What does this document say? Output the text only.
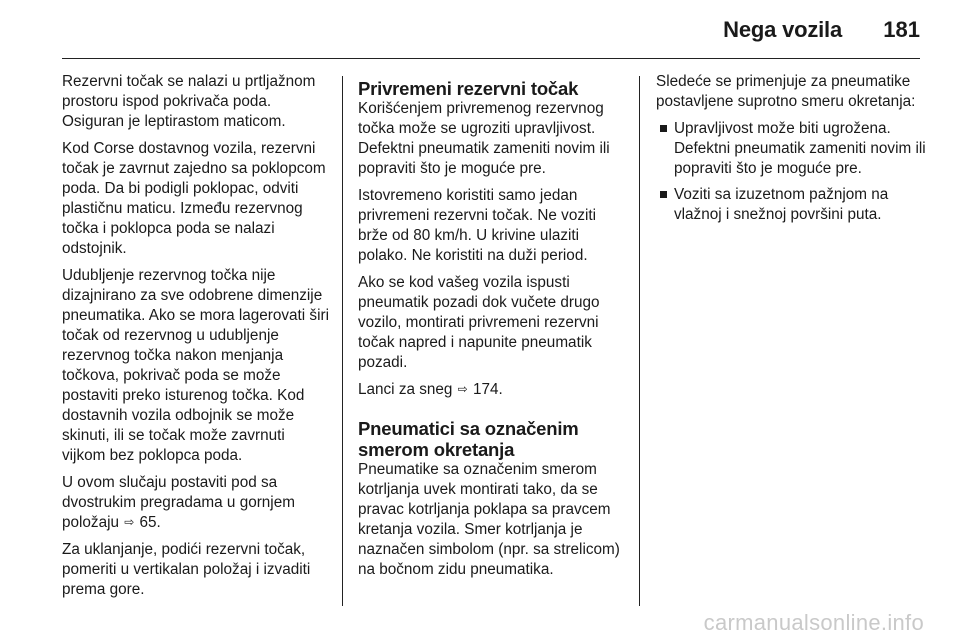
Nega vozila 181

Rezervni točak se nalazi u prtljažnom prostoru ispod pokrivača poda. Osiguran je leptirastom maticom.

Kod Corse dostavnog vozila, rezervni točak je zavrnut zajedno sa poklopcom poda. Da bi podigli poklopac, odviti plastičnu maticu. Između rezervnog točka i poklopca poda se nalazi odstojnik.

Udubljenje rezervnog točka nije dizajnirano za sve odobrene dimenzije pneumatika. Ako se mora lagerovati širi točak od rezervnog u udubljenje rezervnog točka nakon menjanja točkova, pokrivač poda se može postaviti preko isturenog točka. Kod dostavnih vozila odbojnik se može skinuti, ili se točak može zavrnuti vijkom bez poklopca poda.

U ovom slučaju postaviti pod sa dvostrukim pregradama u gornjem položaju ⇨ 65.

Za uklanjanje, podići rezervni točak, pomeriti u vertikalan položaj i izvaditi prema gore.

Privremeni rezervni točak

Korišćenjem privremenog rezervnog točka može se ugroziti upravljivost. Defektni pneumatik zameniti novim ili popraviti što je moguće pre.

Istovremeno koristiti samo jedan privremeni rezervni točak. Ne voziti brže od 80 km/h. U krivine ulaziti polako. Ne koristiti na duži period.

Ako se kod vašeg vozila ispusti pneumatik pozadi dok vučete drugo vozilo, montirati privremeni rezervni točak napred i napunite pneumatik pozadi.

Lanci za sneg ⇨ 174.

Pneumatici sa označenim
smerom okretanja

Pneumatike sa označenim smerom kotrljanja uvek montirati tako, da se pravac kotrljanja poklapa sa pravcem kretanja vozila. Smer kotrljanja je naznačen simbolom (npr. sa strelicom) na bočnom zidu pneumatika.

Sledeće se primenjuje za pneumatike postavljene suprotno smeru okretanja:

Upravljivost može biti ugrožena. Defektni pneumatik zameniti novim ili popraviti što je moguće pre.
Voziti sa izuzetnom pažnjom na vlažnoj i snežnoj površini puta.
carmanualsonline.info
